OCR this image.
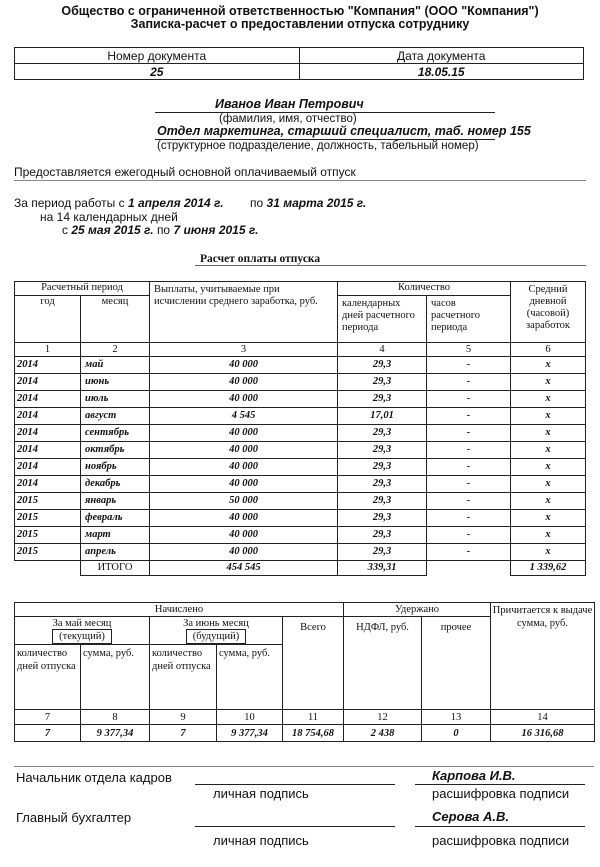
Общество с ограниченной ответственностью "Компания" (ООО "Компания")
Записка-расчет о предоставлении отпуска сотруднику
Номер документа	Дата документа
25	18.05.15
Иванов Иван Петрович
(фамилия, имя, отчество)
Отдел маркетинга, старший специалист, таб. номер 155
(структурное подразделение, должность, табельный номер)
Предоставляется ежегодный основной оплачиваемый отпуск
За период работы с 1 апреля 2014 г. по 31 марта 2015 г.
на 14 календарных дней
с 25 мая 2015 г. по 7 июня 2015 г.
Расчет оплаты отпуска
Расчетный период		Выплаты, учитываемые при исчислении среднего заработка, руб.	Количество		Средний дневной (часовой) заработок
год	месяц		календарных дней расчетного периода	часов расчетного периода	
1	2	3	4	5	6
2014	май	40 000	29,3	-	х
2014	июнь	40 000	29,3	-	х
2014	июль	40 000	29,3	-	х
2014	август	4 545	17,01	-	х
2014	сентябрь	40 000	29,3	-	х
2014	октябрь	40 000	29,3	-	х
2014	ноябрь	40 000	29,3	-	х
2014	декабрь	40 000	29,3	-	х
2015	январь	50 000	29,3	-	х
2015	февраль	40 000	29,3	-	х
2015	март	40 000	29,3	-	х
2015	апрель	40 000	29,3	-	х
	ИТОГО	454 545	339,31		1 339,62
Начислено					Удержано		Причитается к выдаче сумма, руб.
За май месяц		За июнь месяц		Всего	НДФЛ, руб.	прочее	
(текущий)		(будущий)					
количество дней отпуска	сумма, руб.	количество дней отпуска	сумма, руб.				
7	8	9	10	11	12	13	14
7	9 377,34	7	9 377,34	18 754,68	2 438	0	16 316,68
Начальник отдела кадров	Карпова И.В.
личная подпись	расшифровка подписи
Главный бухгалтер	Серова А.В.
личная подпись	расшифровка подписи
